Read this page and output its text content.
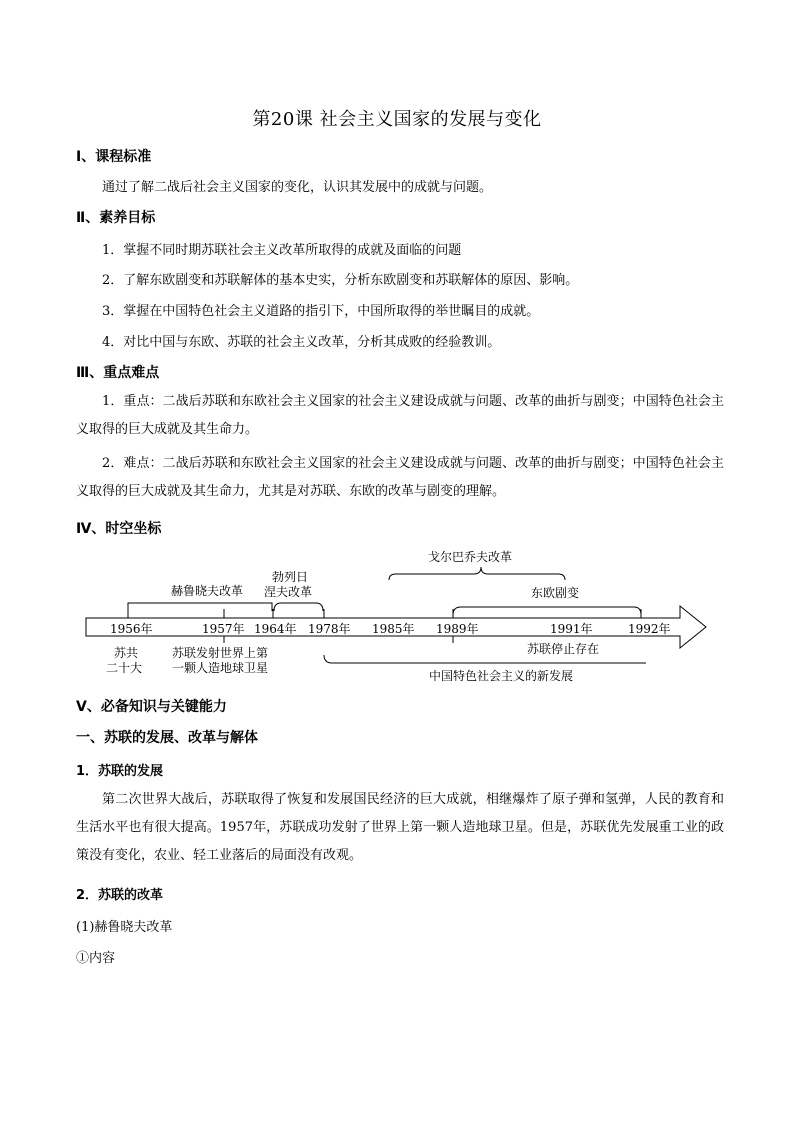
第20课 社会主义国家的发展与变化
Ⅰ、课程标准
通过了解二战后社会主义国家的变化，认识其发展中的成就与问题。
Ⅱ、素养目标
1．掌握不同时期苏联社会主义改革所取得的成就及面临的问题
2．了解东欧剧变和苏联解体的基本史实，分析东欧剧变和苏联解体的原因、影响。
3．掌握在中国特色社会主义道路的指引下，中国所取得的举世瞩目的成就。
4．对比中国与东欧、苏联的社会主义改革，分析其成败的经验教训。
Ⅲ、重点难点
1．重点：二战后苏联和东欧社会主义国家的社会主义建设成就与问题、改革的曲折与剧变；中国特色社会主义取得的巨大成就及其生命力。
2．难点：二战后苏联和东欧社会主义国家的社会主义建设成就与问题、改革的曲折与剧变；中国特色社会主义取得的巨大成就及其生命力，尤其是对苏联、东欧的改革与剧变的理解。
Ⅳ、时空坐标
1956年	1957年 1964年 1978年 1985年 1989年	1991年	1992年
赫鲁晓夫改革
勃列日
涅夫改革
戈尔巴乔夫改革
东欧剧变
苏共
二十大
苏联发射世界上第
一颗人造地球卫星
苏联停止存在
中国特色社会主义的新发展
Ⅴ、必备知识与关键能力
一、苏联的发展、改革与解体
1．苏联的发展
第二次世界大战后，苏联取得了恢复和发展国民经济的巨大成就，相继爆炸了原子弹和氢弹，人民的教育和生活水平也有很大提高。1957年，苏联成功发射了世界上第一颗人造地球卫星。但是，苏联优先发展重工业的政策没有变化，农业、轻工业落后的局面没有改观。
2．苏联的改革
(1)赫鲁晓夫改革
①内容
